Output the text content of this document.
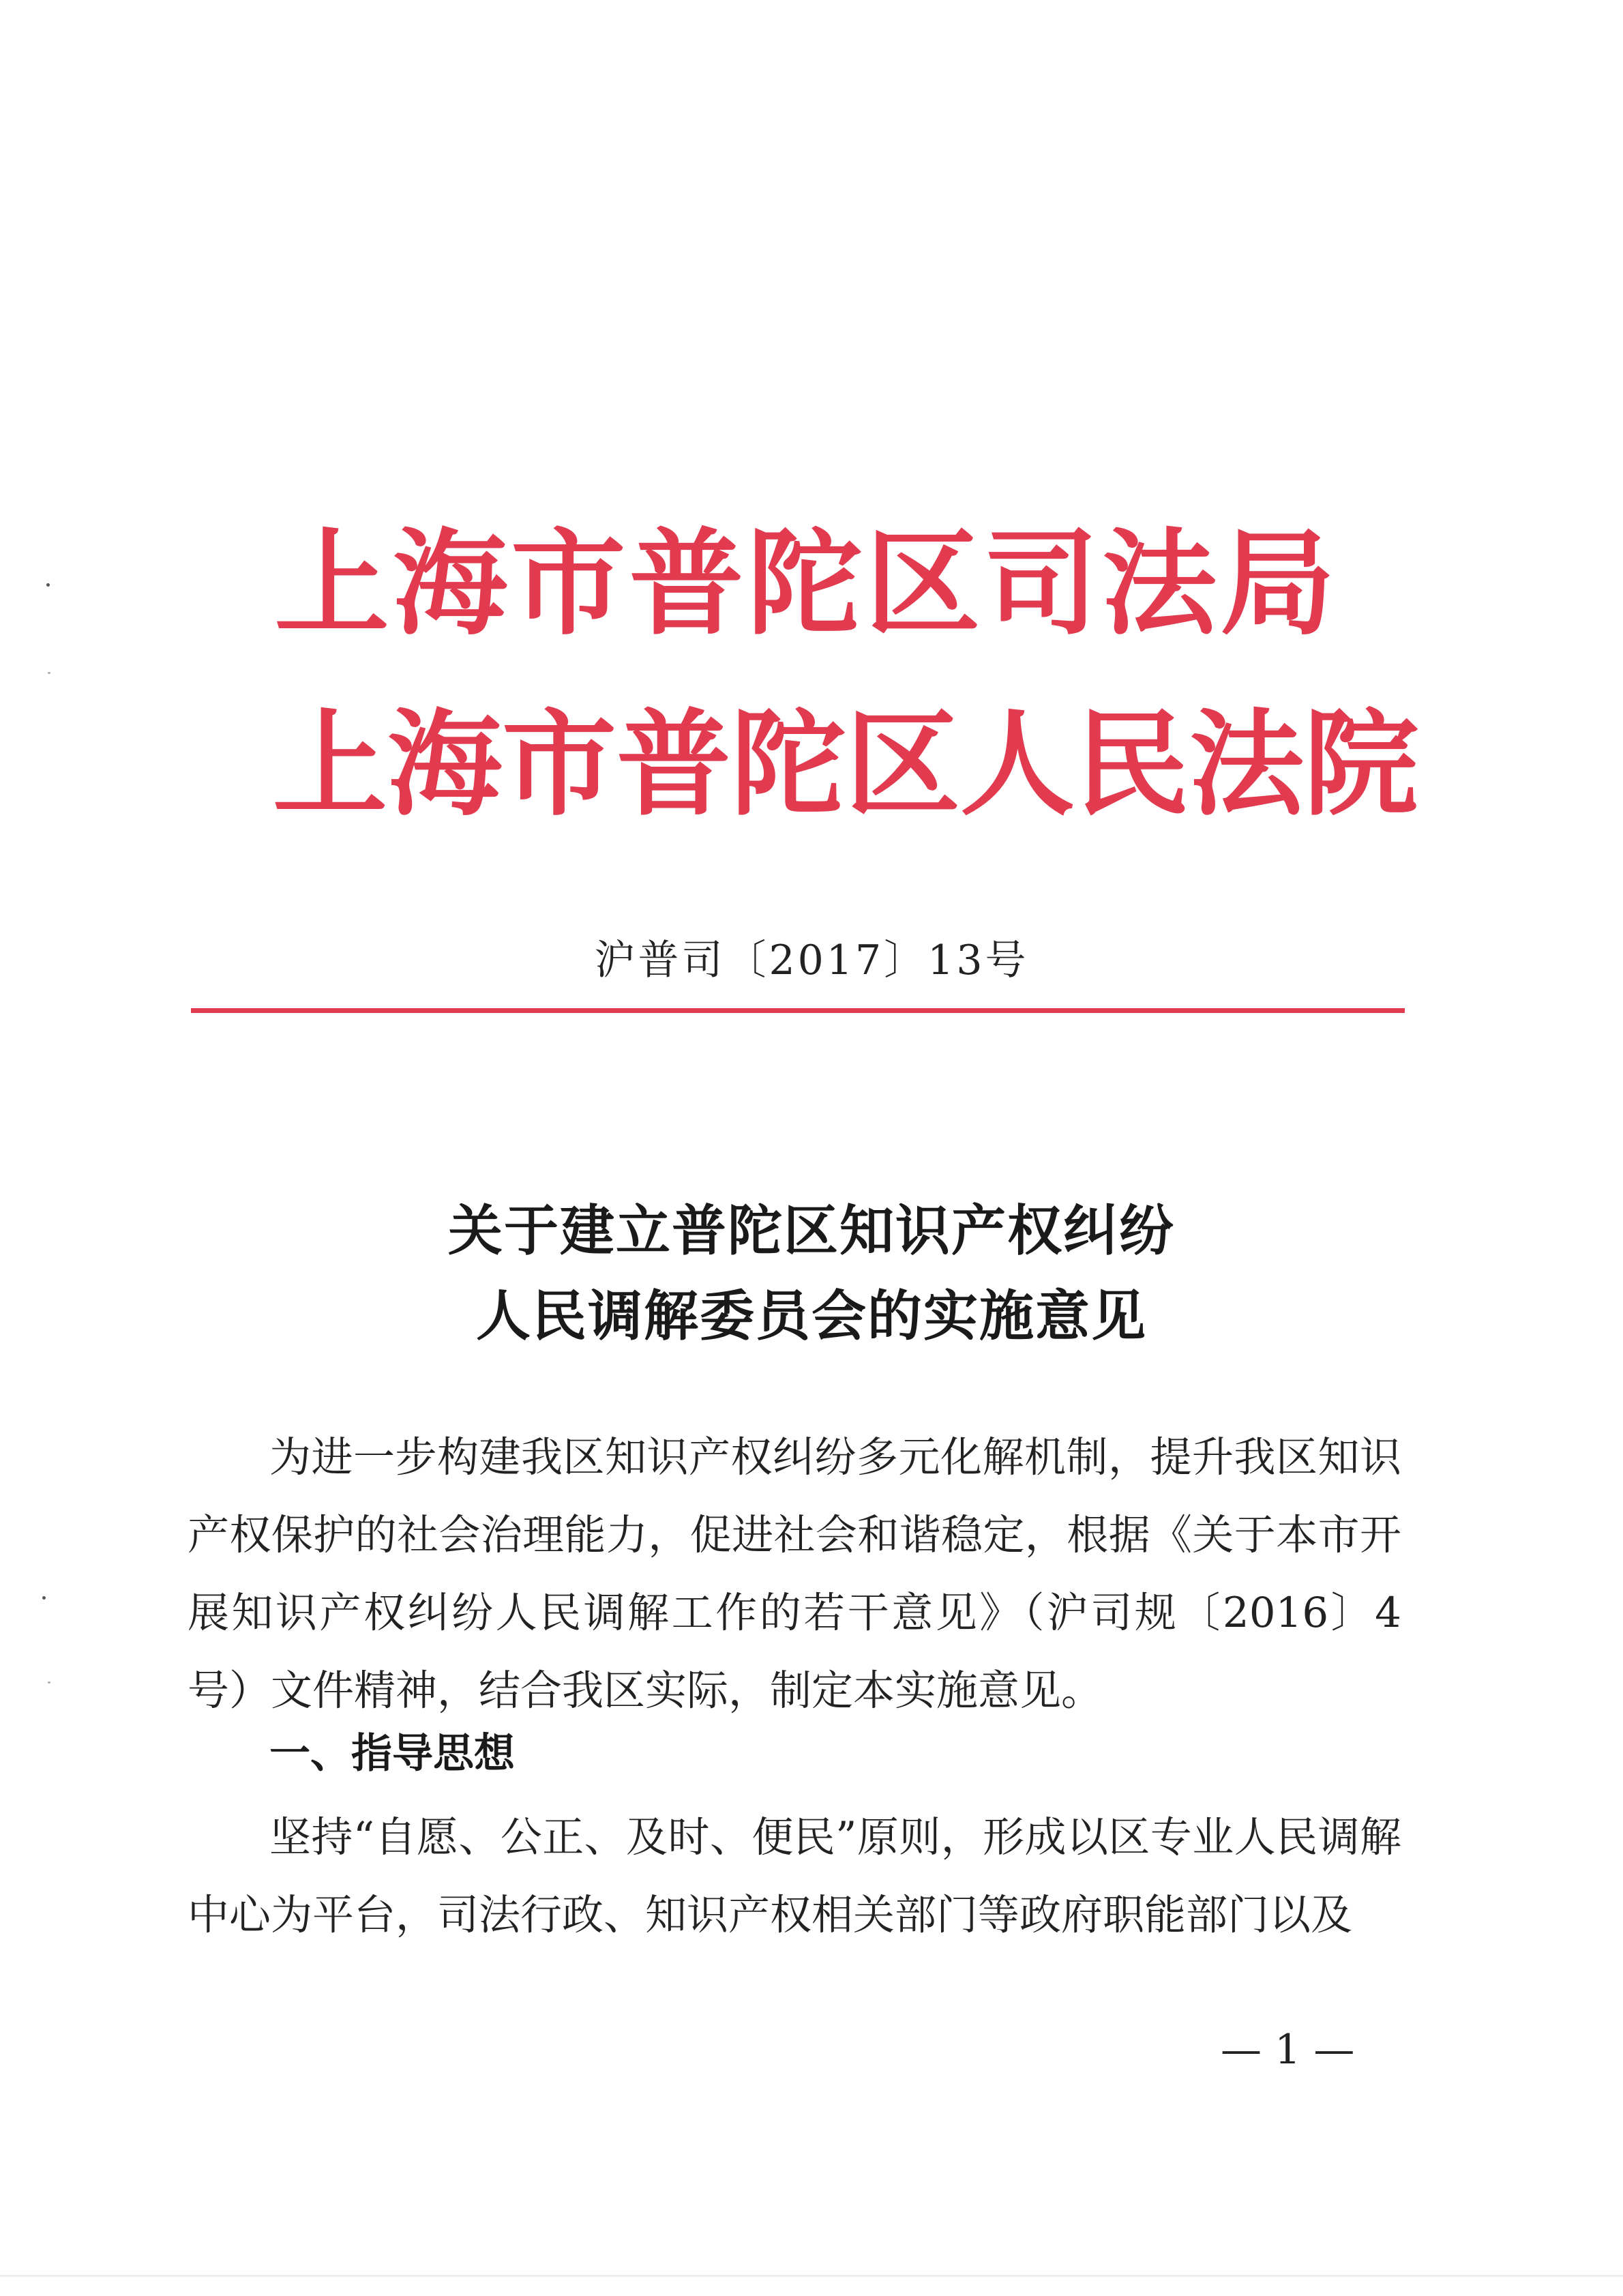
上 海 市 普 陀 区 司 法 局
上 海 市 普 陀 区 人 民 法 院
沪普司〔2017〕13号
关于建立普陀区知识产权纠纷
人民调解委员会的实施意见

为进一步构建我区知识产权纠纷多元化解机制，提升我区知识产权保护的社会治理能力，促进社会和谐稳定，根据《关于本市开展知识产权纠纷人民调解工作的若干意见》（沪司规〔2016〕4号）文件精神，结合我区实际，制定本实施意见。

一、指导思想

坚持“自愿、公正、及时、便民”原则，形成以区专业人民调解中心为平台，司法行政、知识产权相关部门等政府职能部门以及

— 1 —
